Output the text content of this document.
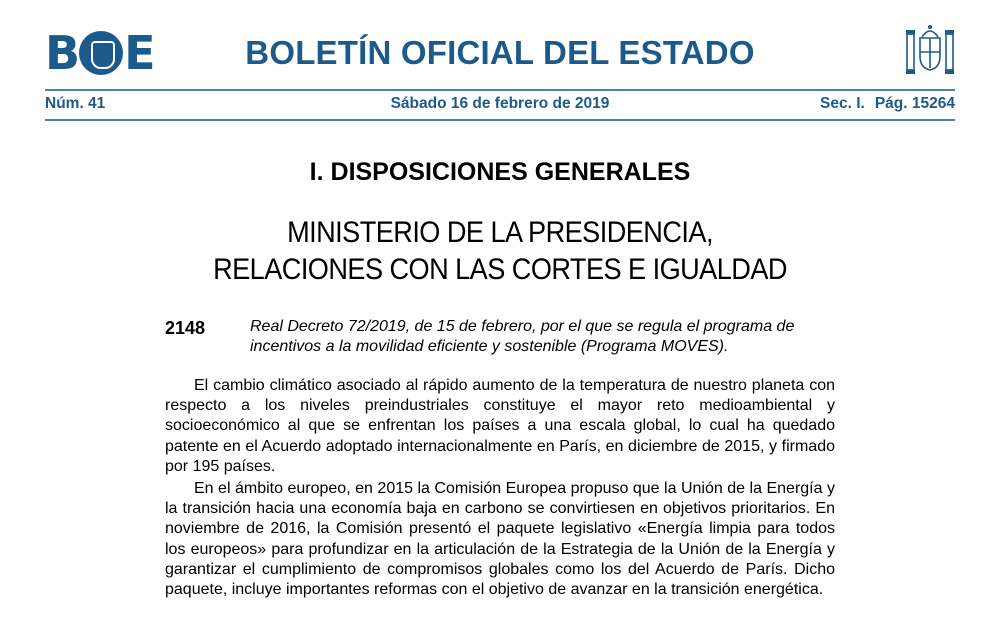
B E	BOLETÍN OFICIAL DEL ESTADO
Núm. 41	Sábado 16 de febrero de 2019	Sec. I. Pág. 15264
I. DISPOSICIONES GENERALES
MINISTERIO DE LA PRESIDENCIA,
RELACIONES CON LAS CORTES E IGUALDAD
2148	Real Decreto 72/2019, de 15 de febrero, por el que se regula el programa de incentivos a la movilidad eficiente y sostenible (Programa MOVES).

El cambio climático asociado al rápido aumento de la temperatura de nuestro planeta con respecto a los niveles preindustriales constituye el mayor reto medioambiental y socioeconómico al que se enfrentan los países a una escala global, lo cual ha quedado patente en el Acuerdo adoptado internacionalmente en París, en diciembre de 2015, y firmado por 195 países.

En el ámbito europeo, en 2015 la Comisión Europea propuso que la Unión de la Energía y la transición hacia una economía baja en carbono se convirtiesen en objetivos prioritarios. En noviembre de 2016, la Comisión presentó el paquete legislativo «Energía limpia para todos los europeos» para profundizar en la articulación de la Estrategia de la Unión de la Energía y garantizar el cumplimiento de compromisos globales como los del Acuerdo de París. Dicho paquete, incluye importantes reformas con el objetivo de avanzar en la transición energética.
